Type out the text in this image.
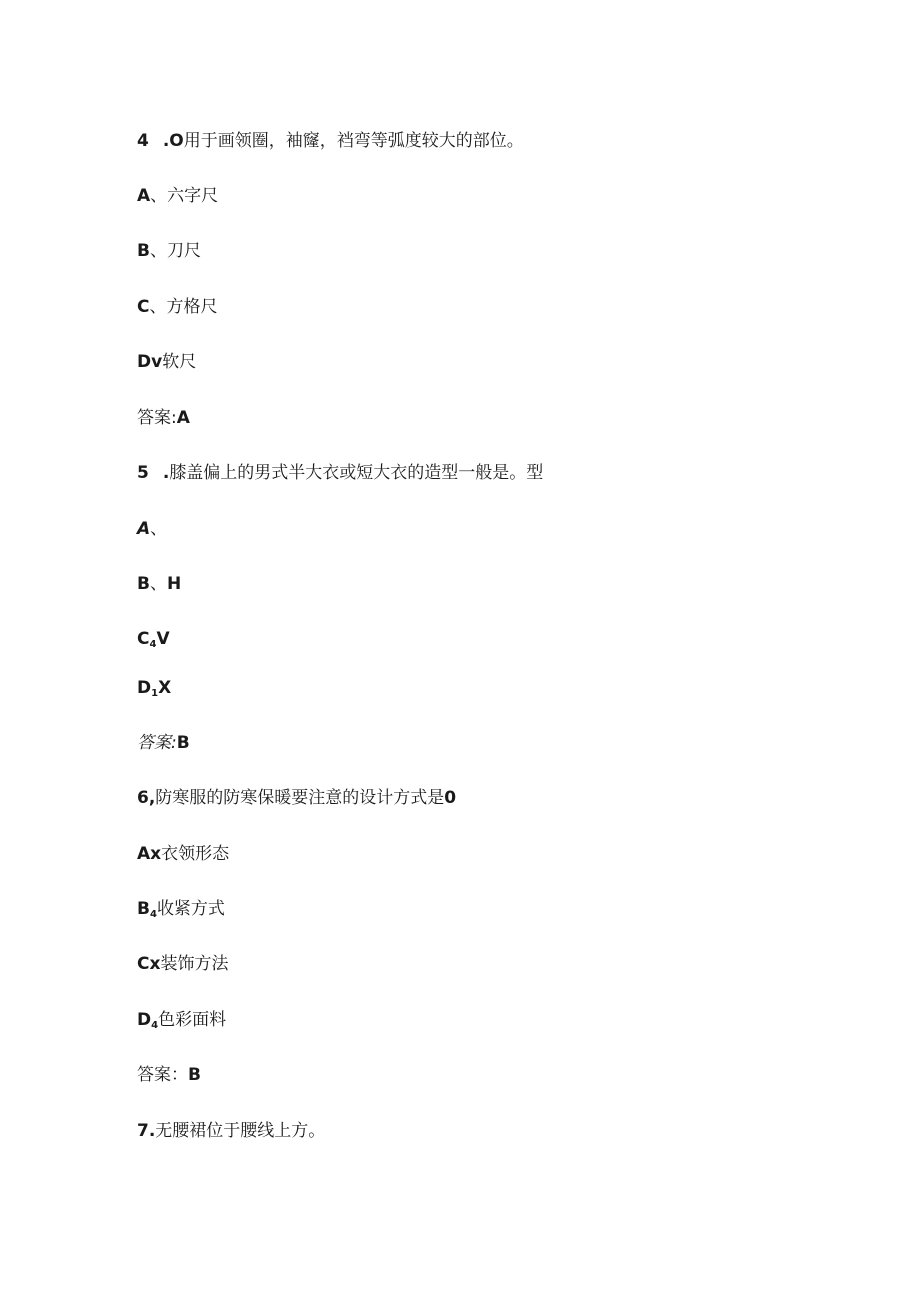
4 .O用于画领圈，袖窿，裆弯等弧度较大的部位。
A、六字尺
B、刀尺
C、方格尺
Dv软尺
答案:A
5 .膝盖偏上的男式半大衣或短大衣的造型一般是。型
A、
B、H
$C_4V$
$D_1X$
答案:B
6,防寒服的防寒保暖要注意的设计方式是0
Ax衣领形态
$B_4$收紧方式
Cx装饰方法
$D_4$色彩面料
答案：B
7.无腰裙位于腰线上方。
